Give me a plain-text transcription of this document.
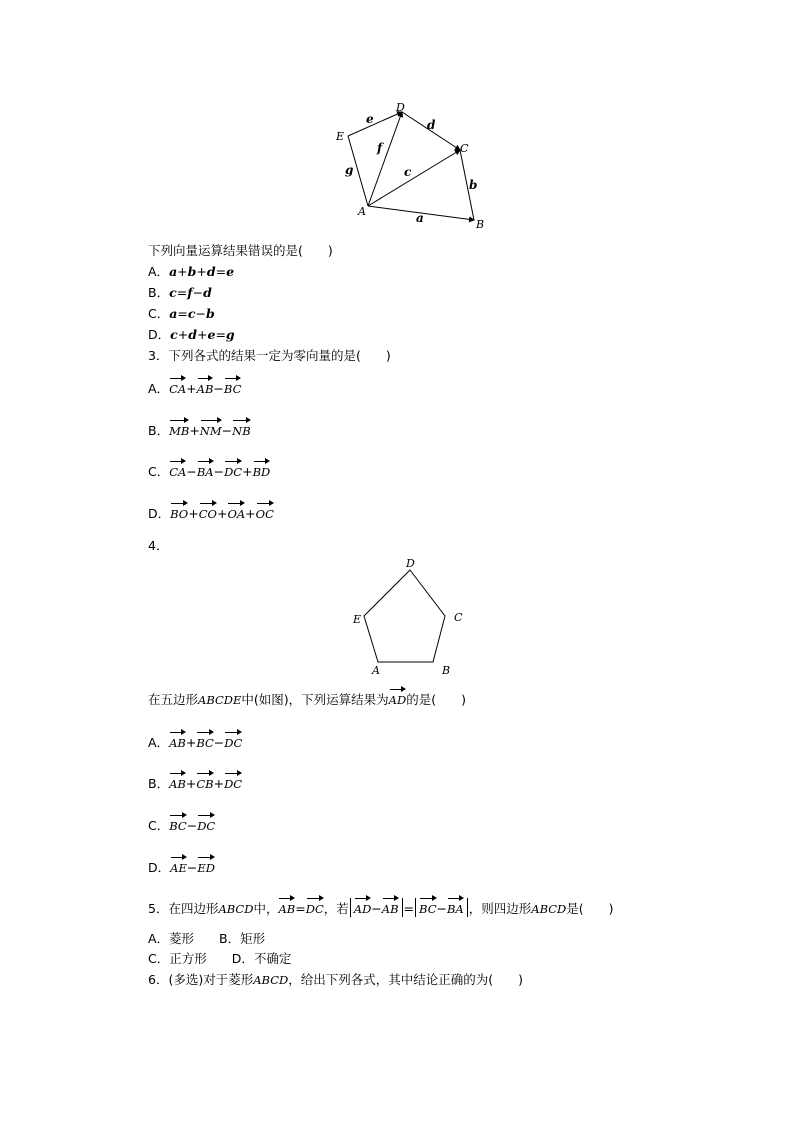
A
B
C
D
E
a
b
c
d
e
f
g
下列向量运算结果错误的是(　　)
A．a+b+d=e
B．c=f−d
C．a=c−b
D．c+d+e=g
3．下列各式的结果一定为零向量的是(　　)
A．CA+AB−BC
B．MB+NM−NB
C．CA−BA−DC+BD
D．BO+CO+OA+OC
4．
D
C
E
A	B
在五边形ABCDE中(如图)，下列运算结果为AD的是(　　)
A．AB+BC−DC
B．AB+CB+DC
C．BC−DC
D．AE−ED
5．在四边形ABCD中，AB=DC，若 AD−AB = BC−BA ，则四边形ABCD是(　　)
A．菱形　　B．矩形
C．正方形　　D．不确定
6．(多选)对于菱形ABCD，给出下列各式，其中结论正确的为(　　)
